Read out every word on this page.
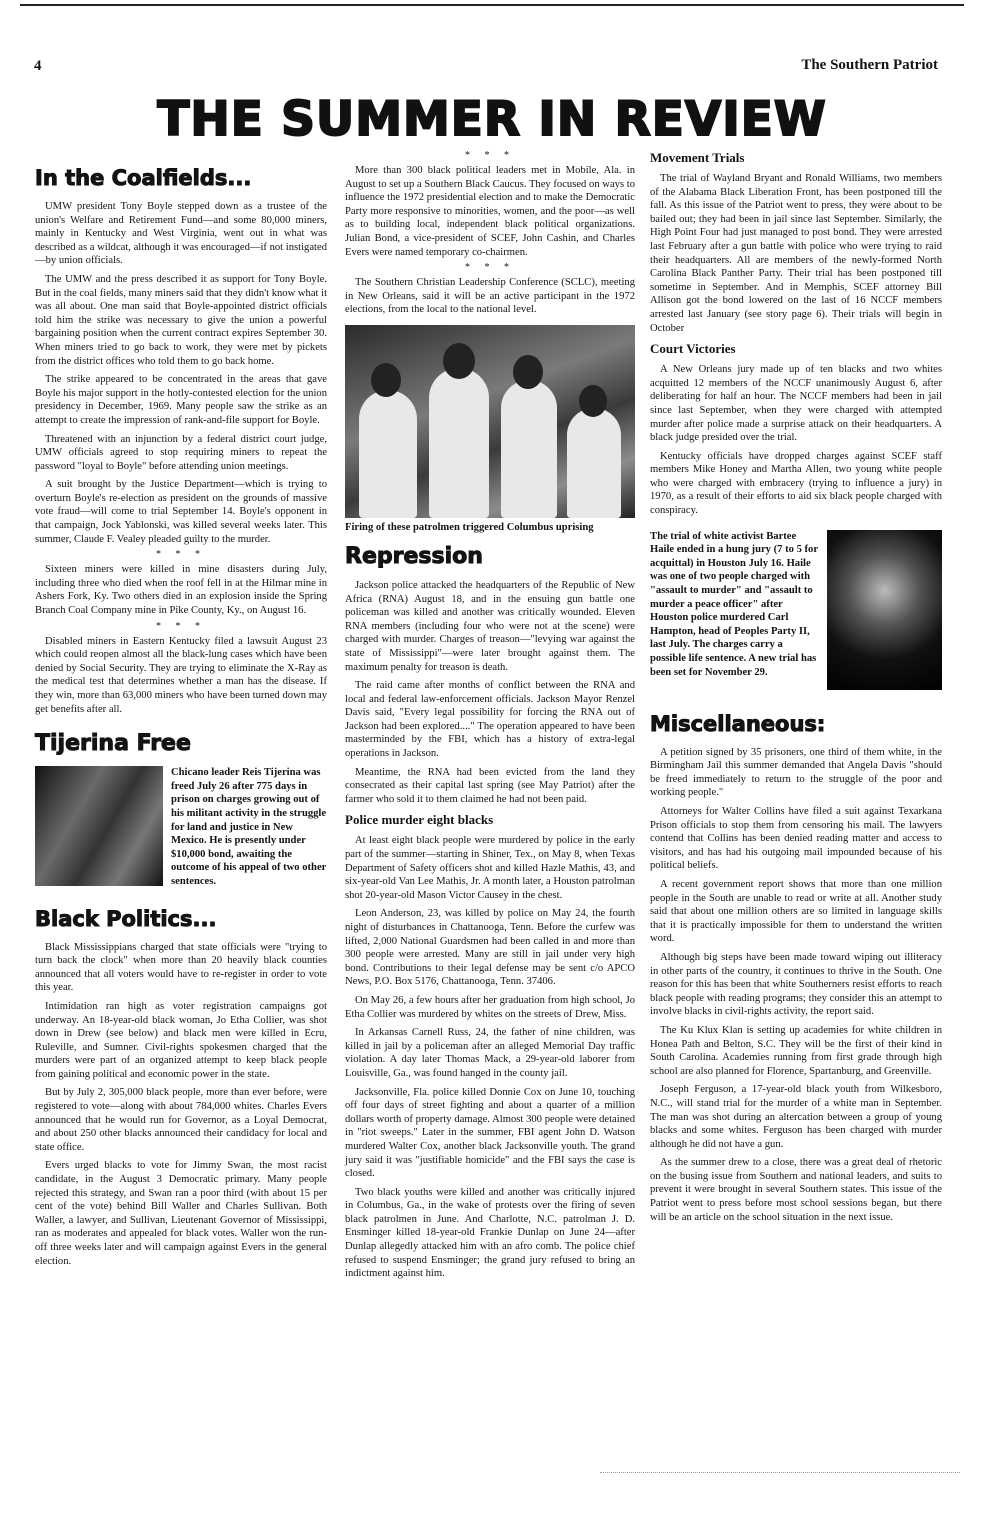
4	The Southern Patriot
THE SUMMER IN REVIEW
In the Coalfields...

UMW president Tony Boyle stepped down as a trustee of the union's Welfare and Retirement Fund—and some 80,000 miners, mainly in Kentucky and West Virginia, went out in what was described as a wildcat, although it was encouraged—if not instigated—by union officials.

The UMW and the press described it as support for Tony Boyle. But in the coal fields, many miners said that they didn't know what it was all about. One man said that Boyle-appointed district officials told him the strike was necessary to give the union a powerful bargaining position when the current contract expires September 30. When miners tried to go back to work, they were met by pickets from the district offices who told them to go back home.

The strike appeared to be concentrated in the areas that gave Boyle his major support in the hotly-contested election for the union presidency in December, 1969. Many people saw the strike as an attempt to create the impression of rank-and-file support for Boyle.

Threatened with an injunction by a federal district court judge, UMW officials agreed to stop requiring miners to repeat the password "loyal to Boyle" before attending union meetings.

A suit brought by the Justice Department—which is trying to overturn Boyle's re-election as president on the grounds of massive vote fraud—will come to trial September 14. Boyle's opponent in that campaign, Jock Yablonski, was killed several weeks later. This summer, Claude F. Vealey pleaded guilty to the murder.

* * *

Sixteen miners were killed in mine disasters during July, including three who died when the roof fell in at the Hilmar mine in Ashers Fork, Ky. Two others died in an explosion inside the Spring Branch Coal Company mine in Pike County, Ky., on August 16.

* * *

Disabled miners in Eastern Kentucky filed a lawsuit August 23 which could reopen almost all the black-lung cases which have been denied by Social Security. They are trying to eliminate the X-Ray as the medical test that determines whether a man has the disease. If they win, more than 63,000 miners who have been turned down may get benefits after all.

Tijerina Free
Chicano leader Reis Tijerina was freed July 26 after 775 days in prison on charges growing out of his militant activity in the struggle for land and justice in New Mexico. He is presently under $10,000 bond, awaiting the outcome of his appeal of two other sentences.
Black Politics...

Black Mississippians charged that state officials were "trying to turn back the clock" when more than 20 heavily black counties announced that all voters would have to re-register in order to vote this year.

Intimidation ran high as voter registration campaigns got underway. An 18-year-old black woman, Jo Etha Collier, was shot down in Drew (see below) and black men were killed in Ecru, Ruleville, and Sumner. Civil-rights spokesmen charged that the murders were part of an organized attempt to keep black people from gaining political and economic power in the state.

But by July 2, 305,000 black people, more than ever before, were registered to vote—along with about 784,000 whites. Charles Evers announced that he would run for Governor, as a Loyal Democrat, and about 250 other blacks announced their candidacy for local and state office.

Evers urged blacks to vote for Jimmy Swan, the most racist candidate, in the August 3 Democratic primary. Many people rejected this strategy, and Swan ran a poor third (with about 15 per cent of the vote) behind Bill Waller and Charles Sullivan. Both Waller, a lawyer, and Sullivan, Lieutenant Governor of Mississippi, ran as moderates and appealed for black votes. Waller won the run-off three weeks later and will campaign against Evers in the general election.

* * *

More than 300 black political leaders met in Mobile, Ala. in August to set up a Southern Black Caucus. They focused on ways to influence the 1972 presidential election and to make the Democratic Party more responsive to minorities, women, and the poor—as well as to building local, independent black political organizations. Julian Bond, a vice-president of SCEF, John Cashin, and Charles Evers were named temporary co-chairmen.

* * *

The Southern Christian Leadership Conference (SCLC), meeting in New Orleans, said it will be an active participant in the 1972 elections, from the local to the national level.

Firing of these patrolmen triggered Columbus uprising
Repression

Jackson police attacked the headquarters of the Republic of New Africa (RNA) August 18, and in the ensuing gun battle one policeman was killed and another was critically wounded. Eleven RNA members (including four who were not at the scene) were charged with murder. Charges of treason—"levying war against the state of Mississippi"—were later brought against them. The maximum penalty for treason is death.

The raid came after months of conflict between the RNA and local and federal law-enforcement officials. Jackson Mayor Renzel Davis said, "Every legal possibility for forcing the RNA out of Jackson had been explored...." The operation appeared to have been masterminded by the FBI, which has a history of extra-legal operations in Jackson.

Meantime, the RNA had been evicted from the land they consecrated as their capital last spring (see May Patriot) after the farmer who sold it to them claimed he had not been paid.

Police murder eight blacks

At least eight black people were murdered by police in the early part of the summer—starting in Shiner, Tex., on May 8, when Texas Department of Safety officers shot and killed Hazle Mathis, 43, and six-year-old Van Lee Mathis, Jr. A month later, a Houston patrolman shot 20-year-old Mason Victor Causey in the chest.

Leon Anderson, 23, was killed by police on May 24, the fourth night of disturbances in Chattanooga, Tenn. Before the curfew was lifted, 2,000 National Guardsmen had been called in and more than 300 people were arrested. Many are still in jail under very high bond. Contributions to their legal defense may be sent c/o APCO News, P.O. Box 5176, Chattanooga, Tenn. 37406.

On May 26, a few hours after her graduation from high school, Jo Etha Collier was murdered by whites on the streets of Drew, Miss.

In Arkansas Carnell Russ, 24, the father of nine children, was killed in jail by a policeman after an alleged Memorial Day traffic violation. A day later Thomas Mack, a 29-year-old laborer from Louisville, Ga., was found hanged in the county jail.

Jacksonville, Fla. police killed Donnie Cox on June 10, touching off four days of street fighting and about a quarter of a million dollars worth of property damage. Almost 300 people were detained in "riot sweeps." Later in the summer, FBI agent John D. Watson murdered Walter Cox, another black Jacksonville youth. The grand jury said it was "justifiable homicide" and the FBI says the case is closed.

Two black youths were killed and another was critically injured in Columbus, Ga., in the wake of protests over the firing of seven black patrolmen in June. And Charlotte, N.C. patrolman J. D. Ensminger killed 18-year-old Frankie Dunlap on June 24—after Dunlap allegedly attacked him with an afro comb. The police chief refused to suspend Ensminger; the grand jury refused to bring an indictment against him.

Movement Trials

The trial of Wayland Bryant and Ronald Williams, two members of the Alabama Black Liberation Front, has been postponed till the fall. As this issue of the Patriot went to press, they were about to be bailed out; they had been in jail since last September. Similarly, the High Point Four had just managed to post bond. They were arrested last February after a gun battle with police who were trying to raid their headquarters. All are members of the newly-formed North Carolina Black Panther Party. Their trial has been postponed till sometime in September. And in Memphis, SCEF attorney Bill Allison got the bond lowered on the last of 16 NCCF members arrested last January (see story page 6). Their trials will begin in October

Court Victories

A New Orleans jury made up of ten blacks and two whites acquitted 12 members of the NCCF unanimously August 6, after deliberating for half an hour. The NCCF members had been in jail since last September, when they were charged with attempted murder after police made a surprise attack on their headquarters. A black judge presided over the trial.

Kentucky officials have dropped charges against SCEF staff members Mike Honey and Martha Allen, two young white people who were charged with embracery (trying to influence a jury) in 1970, as a result of their efforts to aid six black people charged with conspiracy.

The trial of white activist Bartee Haile ended in a hung jury (7 to 5 for acquittal) in Houston July 16. Haile was one of two people charged with "assault to murder" and "assault to murder a peace officer" after Houston police murdered Carl Hampton, head of Peoples Party II, last July. The charges carry a possible life sentence. A new trial has been set for November 29.
Miscellaneous:

A petition signed by 35 prisoners, one third of them white, in the Birmingham Jail this summer demanded that Angela Davis "should be freed immediately to return to the struggle of the poor and working people."

Attorneys for Walter Collins have filed a suit against Texarkana Prison officials to stop them from censoring his mail. The lawyers contend that Collins has been denied reading matter and access to visitors, and has had his outgoing mail impounded because of his political beliefs.

A recent government report shows that more than one million people in the South are unable to read or write at all. Another study said that about one million others are so limited in language skills that it is practically impossible for them to understand the written word.

Although big steps have been made toward wiping out illiteracy in other parts of the country, it continues to thrive in the South. One reason for this has been that white Southerners resist efforts to reach black people with reading programs; they consider this an attempt to involve blacks in civil-rights activity, the report said.

The Ku Klux Klan is setting up academies for white children in Honea Path and Belton, S.C. They will be the first of their kind in South Carolina. Academies running from first grade through high school are also planned for Florence, Spartanburg, and Greenville.

Joseph Ferguson, a 17-year-old black youth from Wilkesboro, N.C., will stand trial for the murder of a white man in September. The man was shot during an altercation between a group of young blacks and some whites. Ferguson has been charged with murder although he did not have a gun.

As the summer drew to a close, there was a great deal of rhetoric on the busing issue from Southern and national leaders, and suits to prevent it were brought in several Southern states. This issue of the Patriot went to press before most school sessions began, but there will be an article on the school situation in the next issue.
